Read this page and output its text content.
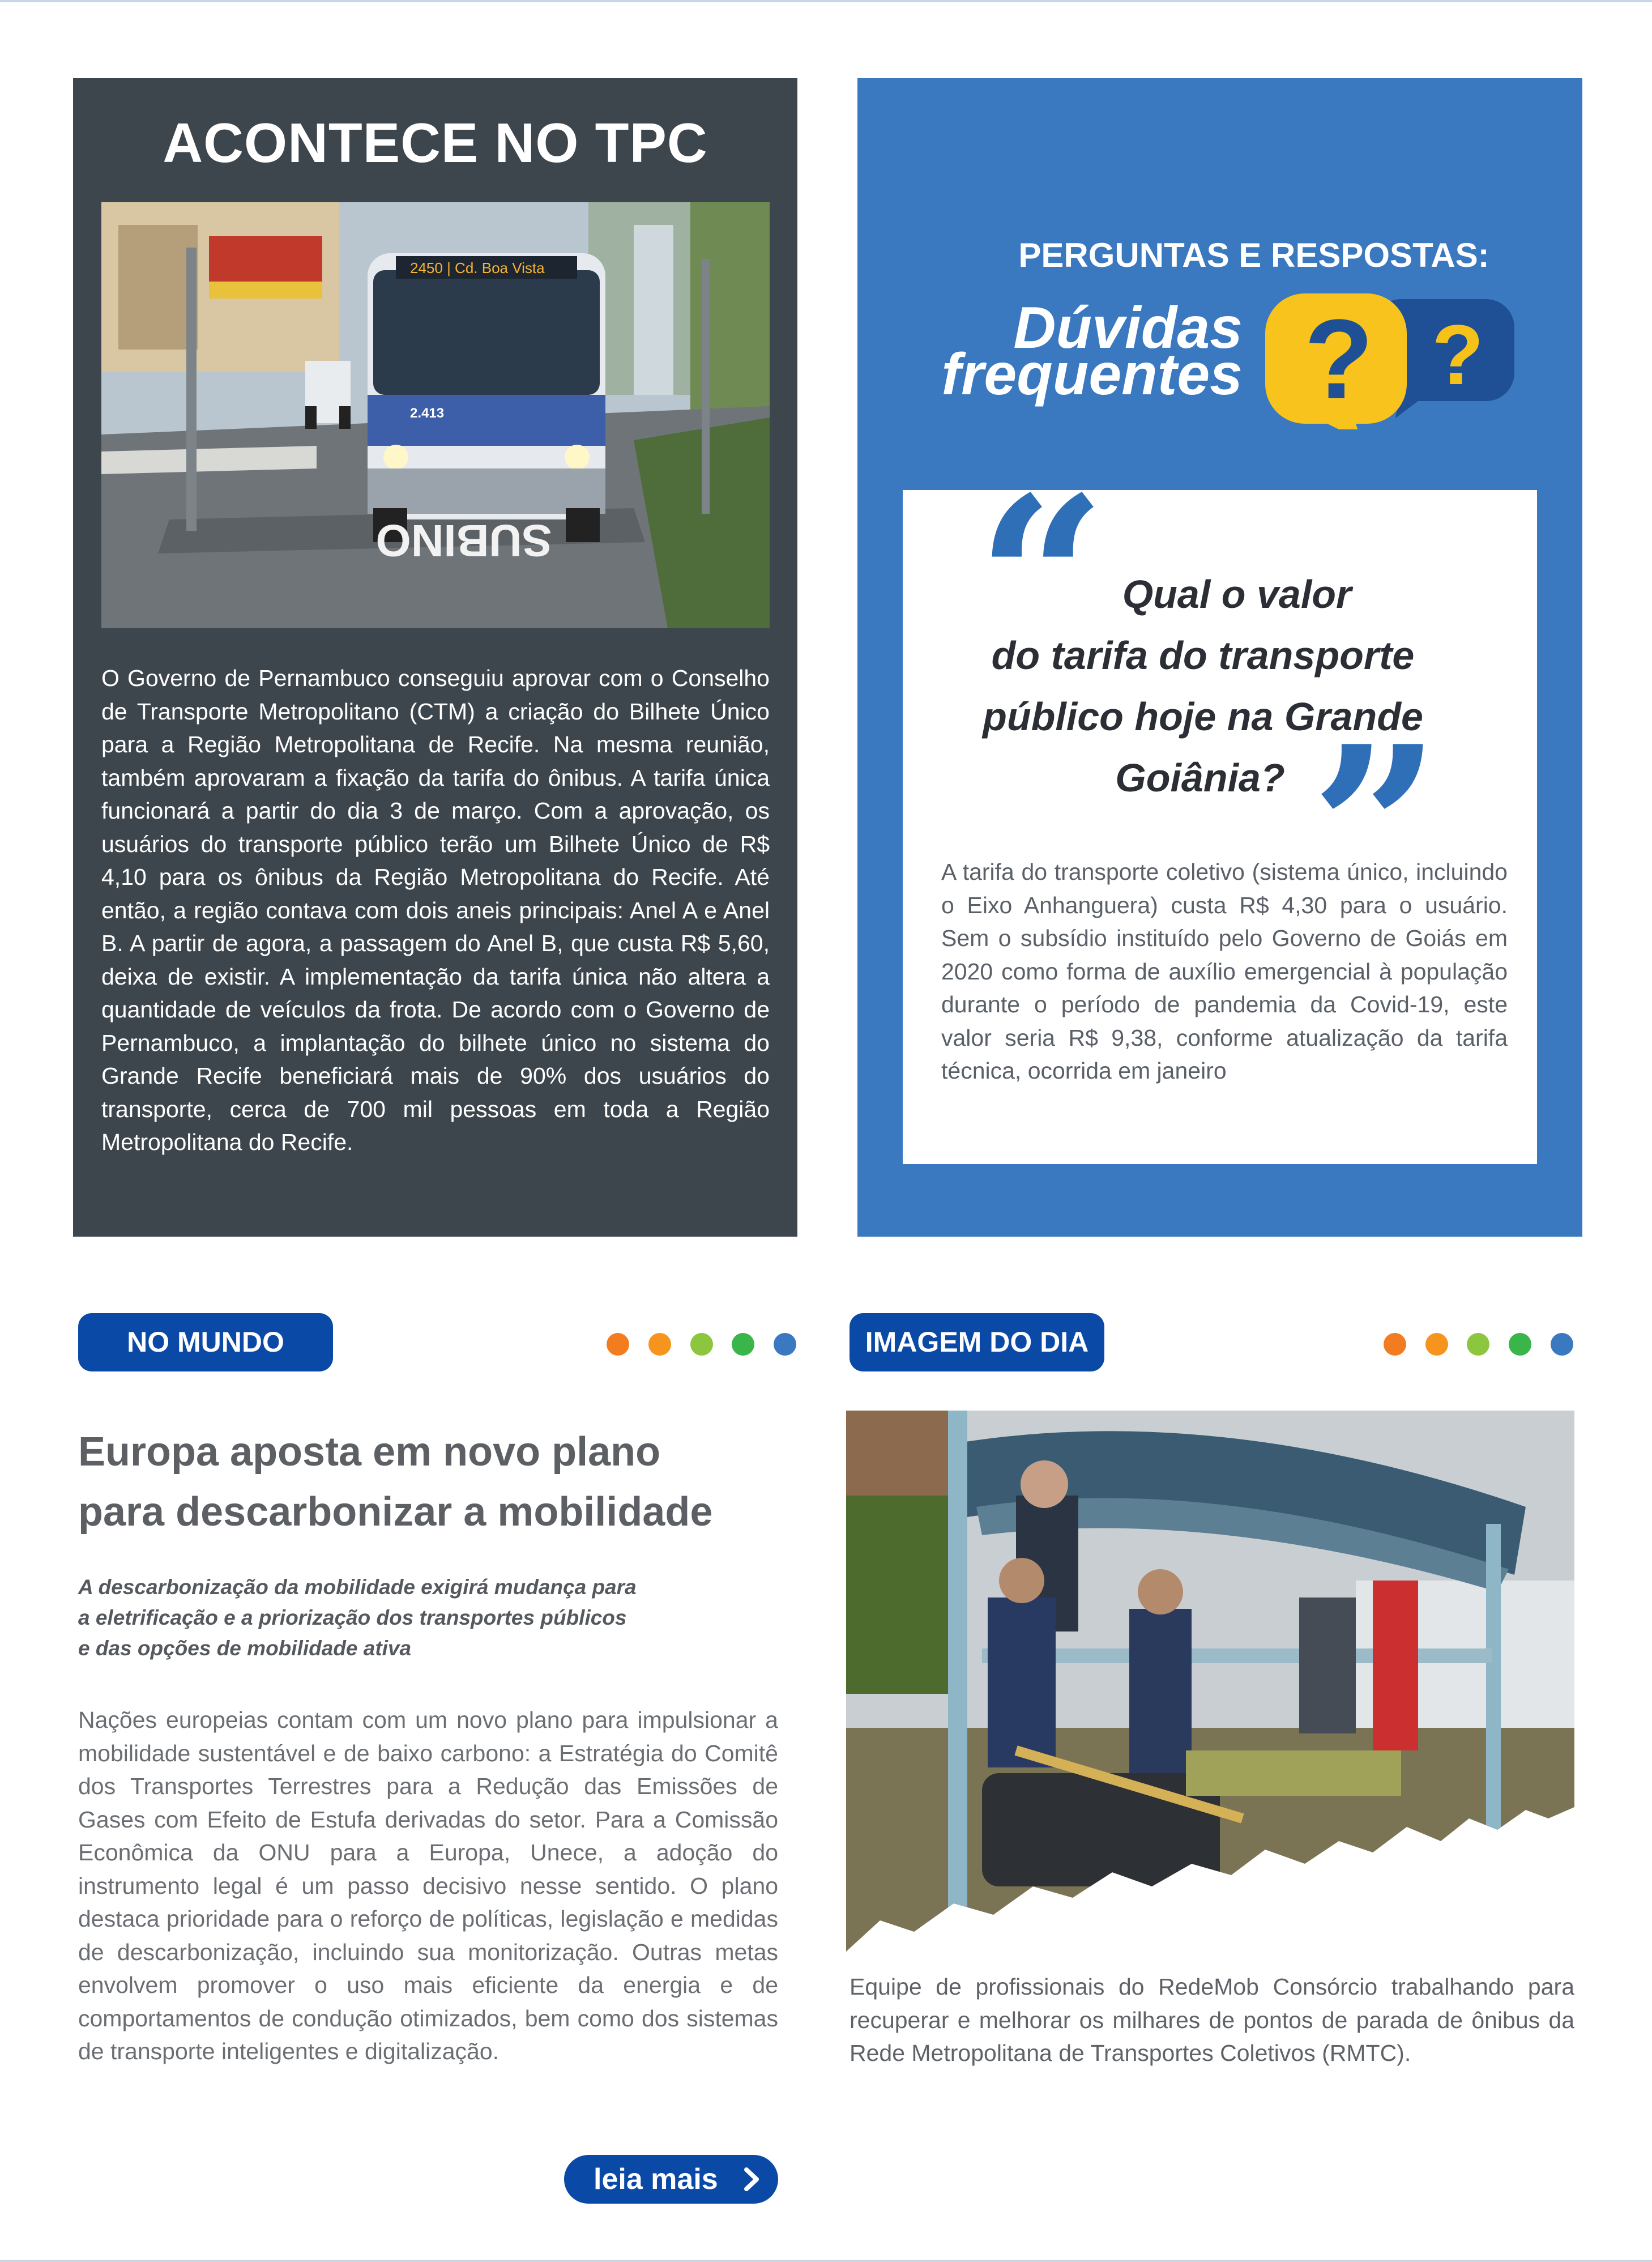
ACONTECE NO TPC
2450 | Cd. Boa Vista
2.413
SUBINO
O Governo de Pernambuco conseguiu aprovar com o Conselho de Transporte Metropolitano (CTM) a criação do Bilhete Único para a Região Metropolitana de Recife. Na mesma reunião, também aprovaram a fixação da tarifa do ônibus. A tarifa única funcionará a partir do dia 3 de março. Com a aprovação, os usuários do transporte público terão um Bilhete Único de R$ 4,10 para os ônibus da Região Metropolitana do Recife. Até então, a região contava com dois aneis principais: Anel A e Anel B. A partir de agora, a passagem do Anel B, que custa R$ 5,60, deixa de existir. A implementação da tarifa única não altera a quantidade de veículos da frota. De acordo com o Governo de Pernambuco, a implantação do bilhete único no sistema do Grande Recife beneficiará mais de 90% dos usuários do transporte, cerca de 700 mil pessoas em toda a Região Metropolitana do Recife.
PERGUNTAS E RESPOSTAS:
Dúvidas
frequentes ?
?
“ Qual o valor
do tarifa do transporte
público hoje na Grande
Goiânia? ”
A tarifa do transporte coletivo (sistema único, incluindo o Eixo Anhanguera) custa R$ 4,30 para o usuário. Sem o subsídio instituído pelo Governo de Goiás em 2020 como forma de auxílio emergencial à população durante o período de pandemia da Covid-19, este valor seria R$ 9,38, conforme atualização da tarifa técnica, ocorrida em janeiro
NO MUNDO
Europa aposta em novo plano
para descarbonizar a mobilidade
A descarbonização da mobilidade exigirá mudança para
a eletrificação e a priorização dos transportes públicos
e das opções de mobilidade ativa
Nações europeias contam com um novo plano para impulsionar a mobilidade sustentável e de baixo carbono: a Estratégia do Comitê dos Transportes Terrestres para a Redução das Emissões de Gases com Efeito de Estufa derivadas do setor. Para a Comissão Econômica da ONU para a Europa, Unece, a adoção do instrumento legal é um passo decisivo nesse sentido. O plano destaca prioridade para o reforço de políticas, legislação e medidas de descarbonização, incluindo sua monitorização. Outras metas envolvem promover o uso mais eficiente da energia e de comportamentos de condução otimizados, bem como dos sistemas de transporte inteligentes e digitalização.
leia mais
IMAGEM DO DIA
Equipe de profissionais do RedeMob Consórcio trabalhando para recuperar e melhorar os milhares de pontos de parada de ônibus da Rede Metropolitana de Transportes Coletivos (RMTC).
